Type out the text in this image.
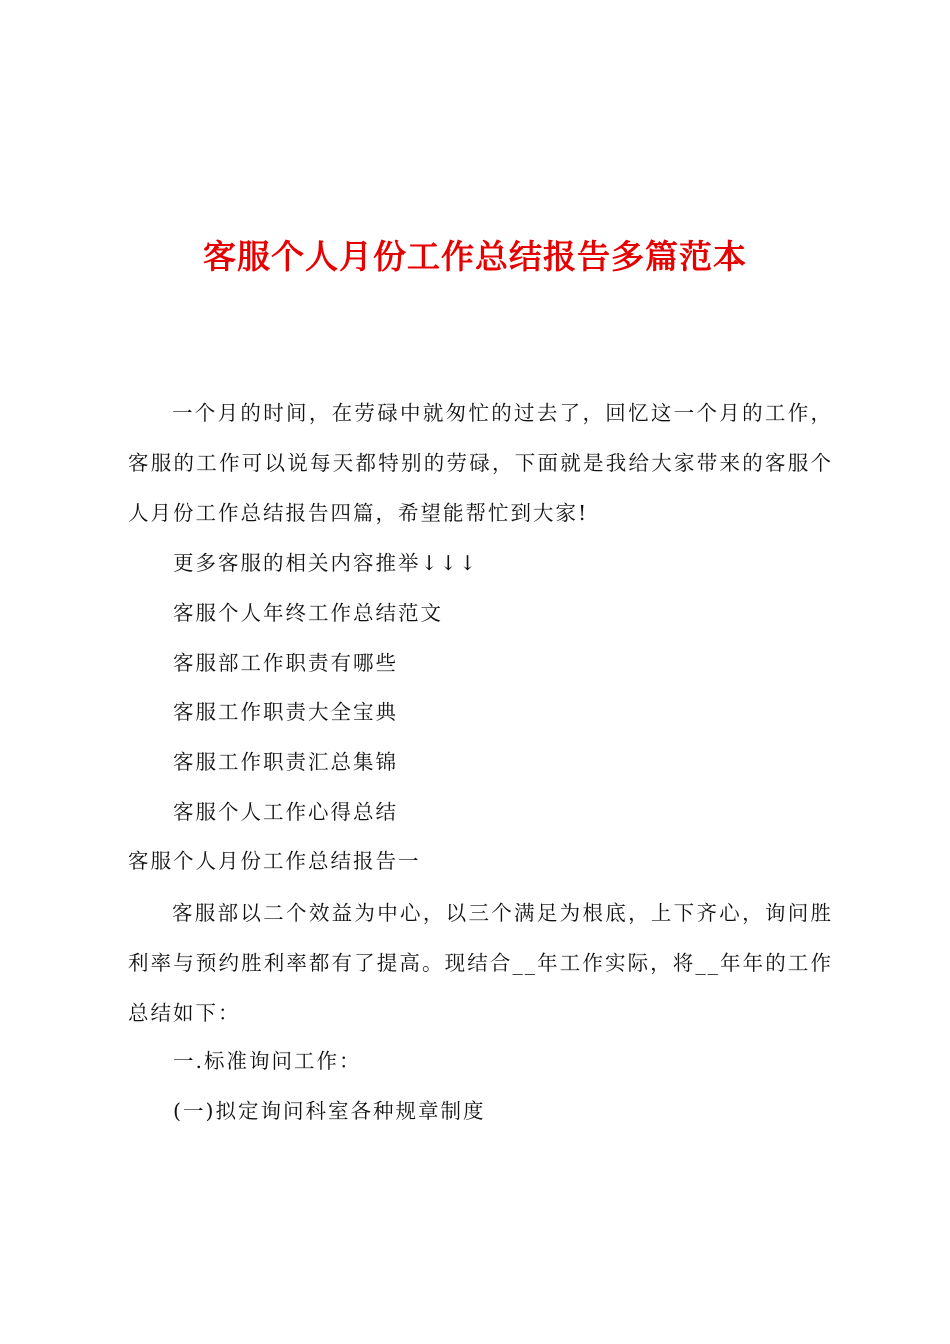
客服个人月份工作总结报告多篇范本

一个月的时间，在劳碌中就匆忙的过去了，回忆这一个月的工作，客服的工作可以说每天都特别的劳碌，下面就是我给大家带来的客服个人月份工作总结报告四篇，希望能帮忙到大家!

更多客服的相关内容推举↓↓↓
客服个人年终工作总结范文
客服部工作职责有哪些
客服工作职责大全宝典
客服工作职责汇总集锦
客服个人工作心得总结
客服个人月份工作总结报告一

客服部以二个效益为中心，以三个满足为根底，上下齐心，询问胜利率与预约胜利率都有了提高。现结合__年工作实际，将__年年的工作总结如下：

一.标准询问工作：
(一)拟定询问科室各种规章制度
